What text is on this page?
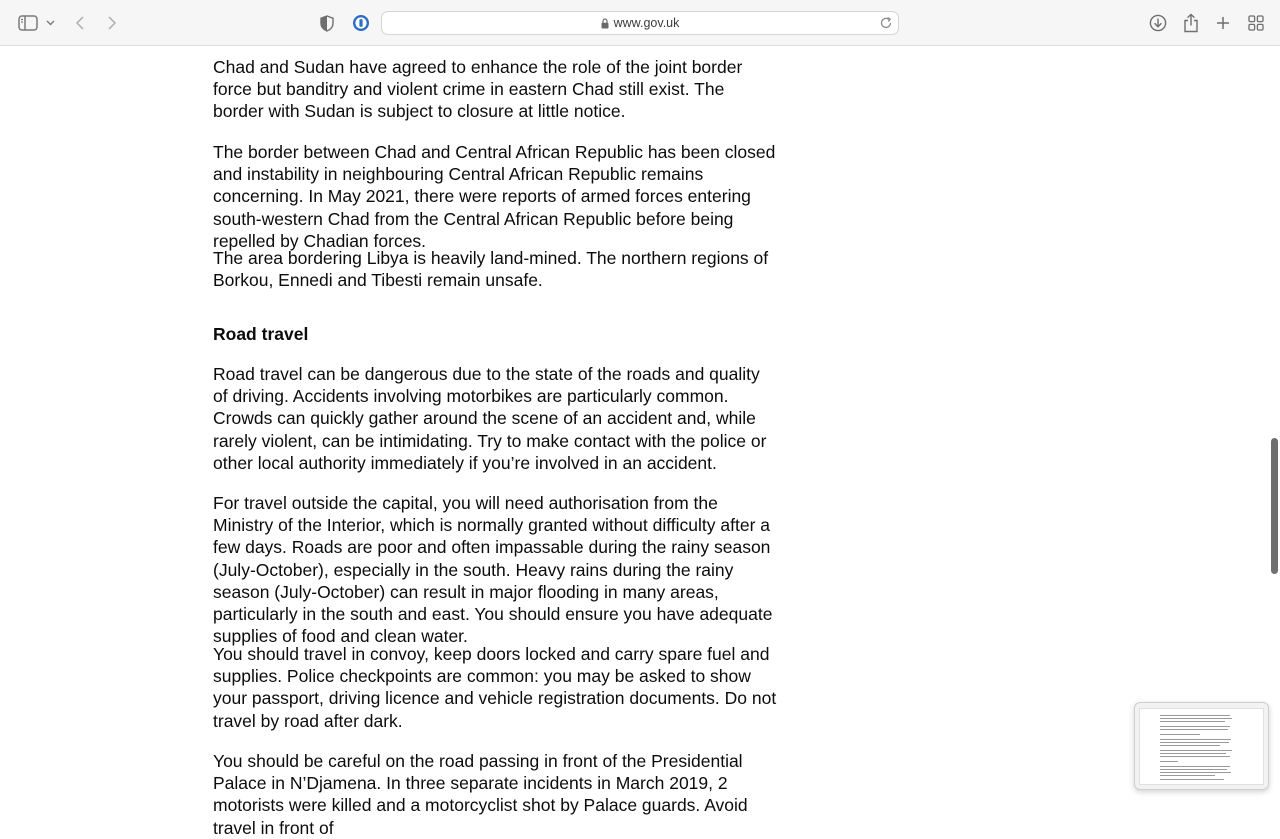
www.gov.uk

Chad and Sudan have agreed to enhance the role of the joint border force but banditry and violent crime in eastern Chad still exist. The border with Sudan is subject to closure at little notice.

The border between Chad and Central African Republic has been closed and instability in neighbouring Central African Republic remains concerning. In May 2021, there were reports of armed forces entering south-western Chad from the Central African Republic before being repelled by Chadian forces.

The area bordering Libya is heavily land-mined. The northern regions of Borkou, Ennedi and Tibesti remain unsafe.

Road travel

Road travel can be dangerous due to the state of the roads and quality of driving. Accidents involving motorbikes are particularly common. Crowds can quickly gather around the scene of an accident and, while rarely violent, can be intimidating. Try to make contact with the police or other local authority immediately if you’re involved in an accident.

For travel outside the capital, you will need authorisation from the Ministry of the Interior, which is normally granted without difficulty after a few days. Roads are poor and often impassable during the rainy season (July-October), especially in the south. Heavy rains during the rainy season (July-October) can result in major flooding in many areas, particularly in the south and east. You should ensure you have adequate supplies of food and clean water.

You should travel in convoy, keep doors locked and carry spare fuel and supplies. Police checkpoints are common: you may be asked to show your passport, driving licence and vehicle registration documents. Do not travel by road after dark.

You should be careful on the road passing in front of the Presidential Palace in N’Djamena. In three separate incidents in March 2019, 2 motorists were killed and a motorcyclist shot by Palace guards. Avoid travel in front of
